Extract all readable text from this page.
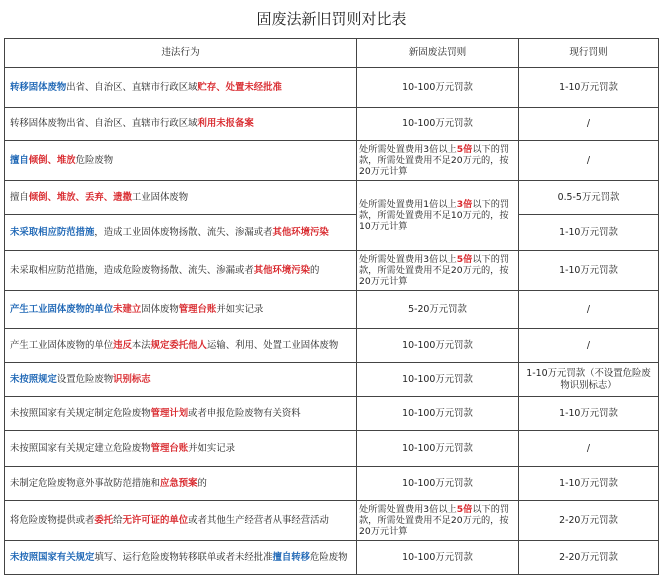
固废法新旧罚则对比表
违法行为	新固废法罚则	现行罚则
转移固体废物出省、自治区、直辖市行政区域贮存、处置未经批准	10-100万元罚款	1-10万元罚款
转移固体废物出省、自治区、直辖市行政区域利用未报备案	10-100万元罚款	/
擅自倾倒、堆放危险废物	处所需处置费用3倍以上5倍以下的罚款，所需处置费用不足20万元的，按20万元计算	/
擅自倾倒、堆放、丢弃、遗撒工业固体废物	处所需处置费用1倍以上3倍以下的罚款，所需处置费用不足10万元的，按10万元计算	0.5-5万元罚款
未采取相应防范措施，造成工业固体废物扬散、流失、渗漏或者其他环境污染		1-10万元罚款
未采取相应防范措施，造成危险废物扬散、流失、渗漏或者其他环境污染的	处所需处置费用3倍以上5倍以下的罚款，所需处置费用不足20万元的，按20万元计算	1-10万元罚款
产生工业固体废物的单位未建立固体废物管理台账并如实记录	5-20万元罚款	/
产生工业固体废物的单位违反本法规定委托他人运输、利用、处置工业固体废物	10-100万元罚款	/
未按照规定设置危险废物识别标志	10-100万元罚款	1-10万元罚款（不设置危险废物识别标志）
未按照国家有关规定制定危险废物管理计划或者申报危险废物有关资料	10-100万元罚款	1-10万元罚款
未按照国家有关规定建立危险废物管理台账并如实记录	10-100万元罚款	/
未制定危险废物意外事故防范措施和应急预案的	10-100万元罚款	1-10万元罚款
将危险废物提供或者委托给无许可证的单位或者其他生产经营者从事经营活动	处所需处置费用3倍以上5倍以下的罚款，所需处置费用不足20万元的，按20万元计算	2-20万元罚款
未按照国家有关规定填写、运行危险废物转移联单或者未经批准擅自转移危险废物	10-100万元罚款	2-20万元罚款
